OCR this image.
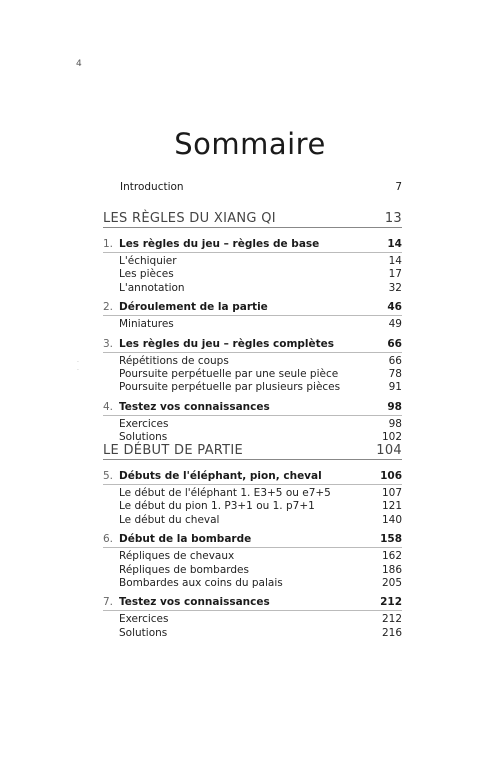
4
·
·
Sommaire
Introduction	7
LES RÈGLES DU XIANG QI	13
1. Les règles du jeu – règles de base	14
L'échiquier	14
Les pièces	17
L'annotation	32
2. Déroulement de la partie	46
Miniatures	49
3. Les règles du jeu – règles complètes	66
Répétitions de coups	66
Poursuite perpétuelle par une seule pièce	78
Poursuite perpétuelle par plusieurs pièces	91
4. Testez vos connaissances	98
Exercices	98
Solutions	102
LE DÉBUT DE PARTIE	104
5. Débuts de l'éléphant, pion, cheval	106
Le début de l'éléphant 1. E3+5 ou e7+5	107
Le début du pion 1. P3+1 ou 1. p7+1	121
Le début du cheval	140
6. Début de la bombarde	158
Répliques de chevaux	162
Répliques de bombardes	186
Bombardes aux coins du palais	205
7. Testez vos connaissances	212
Exercices	212
Solutions	216
